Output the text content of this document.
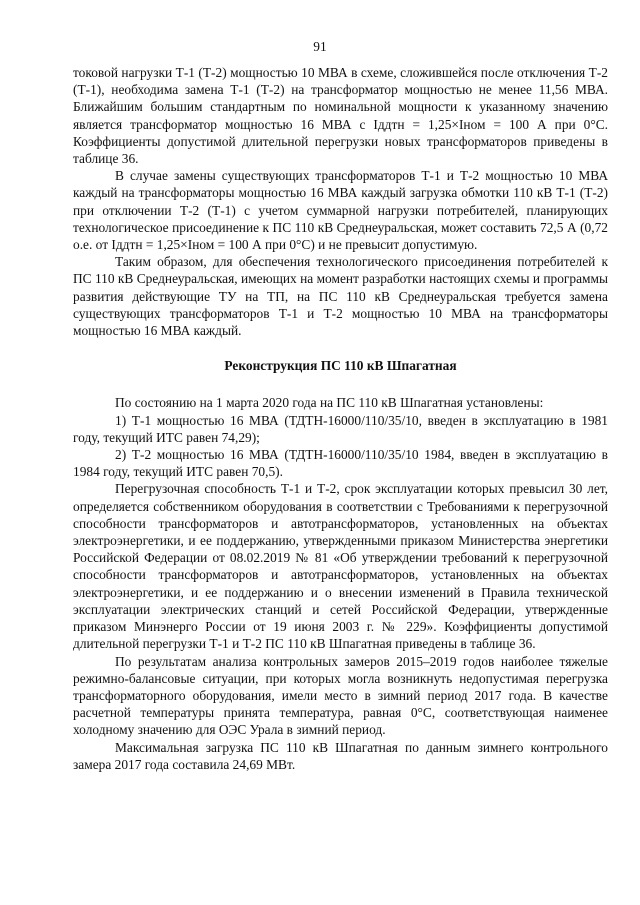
91

токовой нагрузки Т-1 (Т-2) мощностью 10 МВА в схеме, сложившейся после отключения Т-2 (Т-1), необходима замена Т-1 (Т-2) на трансформатор мощностью не менее 11,56 МВА. Ближайшим большим стандартным по номинальной мощности к указанному значению является трансформатор мощностью 16 МВА с Iддтн = 1,25×Iном = 100 А при 0°С. Коэффициенты допустимой длительной перегрузки новых трансформаторов приведены в таблице 36.

В случае замены существующих трансформаторов Т-1 и Т-2 мощностью 10 МВА каждый на трансформаторы мощностью 16 МВА каждый загрузка обмотки 110 кВ Т-1 (Т-2) при отключении Т-2 (Т-1) с учетом суммарной нагрузки потребителей, планирующих технологическое присоединение к ПС 110 кВ Среднеуральская, может составить 72,5 А (0,72 о.е. от Iддтн = 1,25×Iном = 100 А при 0°С) и не превысит допустимую.

Таким образом, для обеспечения технологического присоединения потребителей к ПС 110 кВ Среднеуральская, имеющих на момент разработки настоящих схемы и программы развития действующие ТУ на ТП, на ПС 110 кВ Среднеуральская требуется замена существующих трансформаторов Т-1 и Т-2 мощностью 10 МВА на трансформаторы мощностью 16 МВА каждый.

Реконструкция ПС 110 кВ Шпагатная

По состоянию на 1 марта 2020 года на ПС 110 кВ Шпагатная установлены:

1) Т-1 мощностью 16 МВА (ТДТН-16000/110/35/10, введен в эксплуатацию в 1981 году, текущий ИТС равен 74,29);

2) Т-2 мощностью 16 МВА (ТДТН-16000/110/35/10 1984, введен в эксплуатацию в 1984 году, текущий ИТС равен 70,5).

Перегрузочная способность Т-1 и Т-2, срок эксплуатации которых превысил 30 лет, определяется собственником оборудования в соответствии с Требованиями к перегрузочной способности трансформаторов и автотрансформаторов, установленных на объектах электроэнергетики, и ее поддержанию, утвержденными приказом Министерства энергетики Российской Федерации от 08.02.2019 № 81 «Об утверждении требований к перегрузочной способности трансформаторов и автотрансформаторов, установленных на объектах электроэнергетики, и ее поддержанию и о внесении изменений в Правила технической эксплуатации электрических станций и сетей Российской Федерации, утвержденные приказом Минэнерго России от 19 июня 2003 г. № 229». Коэффициенты допустимой длительной перегрузки Т-1 и Т-2 ПС 110 кВ Шпагатная приведены в таблице 36.

По результатам анализа контрольных замеров 2015–2019 годов наиболее тяжелые режимно-балансовые ситуации, при которых могла возникнуть недопустимая перегрузка трансформаторного оборудования, имели место в зимний период 2017 года. В качестве расчетной температуры принята температура, равная 0°С, соответствующая наименее холодному значению для ОЭС Урала в зимний период.

Максимальная загрузка ПС 110 кВ Шпагатная по данным зимнего контрольного замера 2017 года составила 24,69 МВт.
